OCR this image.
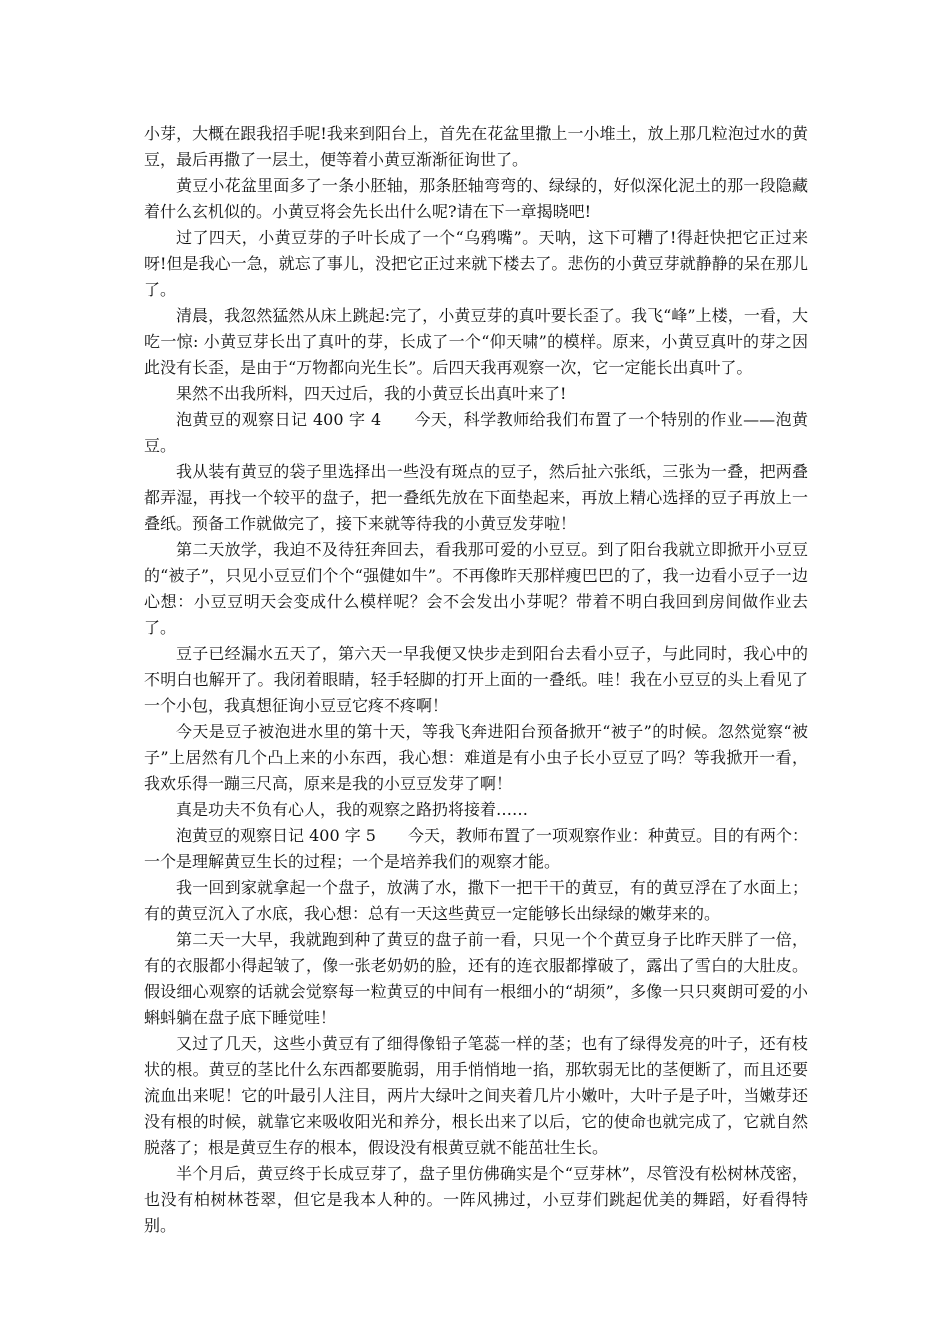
小芽，大概在跟我招手呢!我来到阳台上，首先在花盆里撒上一小堆土，放上那几粒泡过水的黄豆，最后再撒了一层土，便等着小黄豆渐渐征询世了。

黄豆小花盆里面多了一条小胚轴，那条胚轴弯弯的、绿绿的，好似深化泥土的那一段隐藏着什么玄机似的。小黄豆将会先长出什么呢?请在下一章揭晓吧!

过了四天，小黄豆芽的子叶长成了一个“乌鸦嘴”。天呐，这下可糟了!得赶快把它正过来呀!但是我心一急，就忘了事儿，没把它正过来就下楼去了。悲伤的小黄豆芽就静静的呆在那儿了。

清晨，我忽然猛然从床上跳起:完了，小黄豆芽的真叶要长歪了。我飞“峰”上楼，一看，大吃一惊: 小黄豆芽长出了真叶的芽，长成了一个“仰天啸”的模样。原来，小黄豆真叶的芽之因此没有长歪，是由于“万物都向光生长”。后四天我再观察一次，它一定能长出真叶了。

果然不出我所料，四天过后，我的小黄豆长出真叶来了!

泡黄豆的观察日记 400 字 4　　今天，科学教师给我们布置了一个特别的作业——泡黄豆。

我从装有黄豆的袋子里选择出一些没有斑点的豆子，然后扯六张纸，三张为一叠，把两叠都弄湿，再找一个较平的盘子，把一叠纸先放在下面垫起来，再放上精心选择的豆子再放上一叠纸。预备工作就做完了，接下来就等待我的小黄豆发芽啦！

第二天放学，我迫不及待狂奔回去，看我那可爱的小豆豆。到了阳台我就立即掀开小豆豆的“被子”，只见小豆豆们个个“强健如牛”。不再像昨天那样瘦巴巴的了，我一边看小豆子一边心想：小豆豆明天会变成什么模样呢？会不会发出小芽呢？带着不明白我回到房间做作业去了。

豆子已经漏水五天了，第六天一早我便又快步走到阳台去看小豆子，与此同时，我心中的不明白也解开了。我闭着眼睛，轻手轻脚的打开上面的一叠纸。哇！我在小豆豆的头上看见了一个小包，我真想征询小豆豆它疼不疼啊！

今天是豆子被泡进水里的第十天，等我飞奔进阳台预备掀开“被子”的时候。忽然觉察“被子”上居然有几个凸上来的小东西，我心想：难道是有小虫子长小豆豆了吗？等我掀开一看，我欢乐得一蹦三尺高，原来是我的小豆豆发芽了啊！

真是功夫不负有心人，我的观察之路扔将接着……

泡黄豆的观察日记 400 字 5　　今天，教师布置了一项观察作业：种黄豆。目的有两个：一个是理解黄豆生长的过程；一个是培养我们的观察才能。

我一回到家就拿起一个盘子，放满了水，撒下一把干干的黄豆，有的黄豆浮在了水面上；有的黄豆沉入了水底，我心想：总有一天这些黄豆一定能够长出绿绿的嫩芽来的。

第二天一大早，我就跑到种了黄豆的盘子前一看，只见一个个黄豆身子比昨天胖了一倍，有的衣服都小得起皱了，像一张老奶奶的脸，还有的连衣服都撑破了，露出了雪白的大肚皮。假设细心观察的话就会觉察每一粒黄豆的中间有一根细小的“胡须”，多像一只只爽朗可爱的小蝌蚪躺在盘子底下睡觉哇！

又过了几天，这些小黄豆有了细得像铅子笔蕊一样的茎；也有了绿得发亮的叶子，还有枝状的根。黄豆的茎比什么东西都要脆弱，用手悄悄地一掐，那软弱无比的茎便断了，而且还要流血出来呢！它的叶最引人注目，两片大绿叶之间夹着几片小嫩叶，大叶子是子叶，当嫩芽还没有根的时候，就靠它来吸收阳光和养分，根长出来了以后，它的使命也就完成了，它就自然脱落了；根是黄豆生存的根本，假设没有根黄豆就不能茁壮生长。

半个月后，黄豆终于长成豆芽了，盘子里仿佛确实是个“豆芽林”，尽管没有松树林茂密，也没有柏树林苍翠，但它是我本人种的。一阵风拂过，小豆芽们跳起优美的舞蹈，好看得特别。
